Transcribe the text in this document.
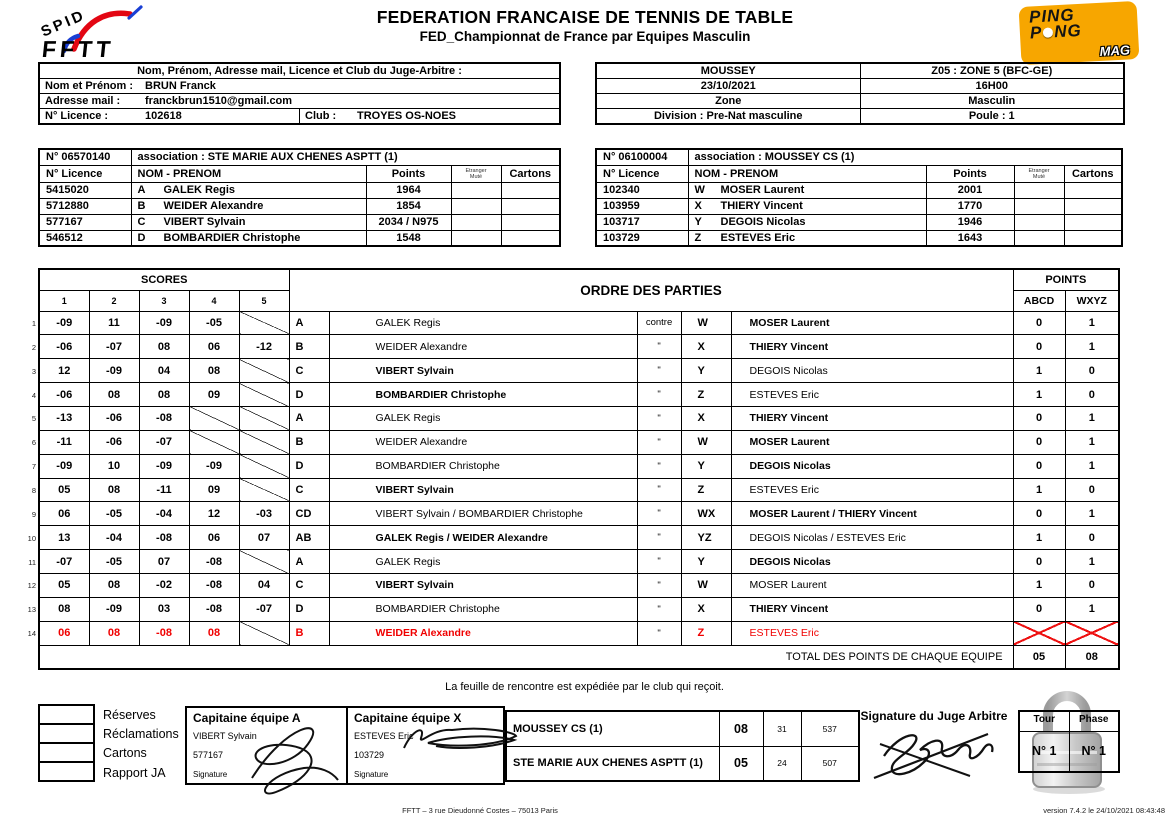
SPID
FFTT
FEDERATION FRANCAISE DE TENNIS DE TABLE
FED_Championnat de France par Equipes Masculin
PING
P NG
MAG
Nom, Prénom, Adresse mail, Licence et Club du Juge-Arbitre :
Nom et Prénom : BRUN Franck
Adresse mail : franckbrun1510@gmail.com
N° Licence :	102618	Club : TROYES OS-NOES
MOUSSEY	Z05 : ZONE 5 (BFC-GE)
23/10/2021	16H00
Zone	Masculin
Division : Pre-Nat masculine	Poule : 1
N° 06570140	association : STE MARIE AUX CHENES ASPTT (1)			
N° Licence	NOM - PRENOM	Points	Etranger
Muté	Cartons
5415020	A GALEK Regis	1964		
5712880	B WEIDER Alexandre	1854		
577167	C VIBERT Sylvain	2034 / N975		
546512	D BOMBARDIER Christophe	1548		
N° 06100004	association : MOUSSEY CS (1)			
N° Licence	NOM - PRENOM	Points	Etranger
Muté	Cartons
102340	W MOSER Laurent	2001		
103959	X THIERY Vincent	1770		
103717	Y DEGOIS Nicolas	1946		
103729	Z ESTEVES Eric	1643		
1
2
3
4
5
6
7
8
9
10
11
12
13
14
SCORES					ORDRE DES PARTIES					POINTS	
1	2	3	4	5						ABCD	WXYZ
-09	11	-09	-05		A	GALEK Regis	contre	W	MOSER Laurent	0	1
-06	-07	08	06	-12	B	WEIDER Alexandre	"	X	THIERY Vincent	0	1
12	-09	04	08		C	VIBERT Sylvain	"	Y	DEGOIS Nicolas	1	0
-06	08	08	09		D	BOMBARDIER Christophe	"	Z	ESTEVES Eric	1	0
-13	-06	-08			A	GALEK Regis	"	X	THIERY Vincent	0	1
-11	-06	-07			B	WEIDER Alexandre	"	W	MOSER Laurent	0	1
-09	10	-09	-09		D	BOMBARDIER Christophe	"	Y	DEGOIS Nicolas	0	1
05	08	-11	09		C	VIBERT Sylvain	"	Z	ESTEVES Eric	1	0
06	-05	-04	12	-03	CD	VIBERT Sylvain / BOMBARDIER Christophe	"	WX	MOSER Laurent / THIERY Vincent	0	1
13	-04	-08	06	07	AB	GALEK Regis / WEIDER Alexandre	"	YZ	DEGOIS Nicolas / ESTEVES Eric	1	0
-07	-05	07	-08		A	GALEK Regis	"	Y	DEGOIS Nicolas	0	1
05	08	-02	-08	04	C	VIBERT Sylvain	"	W	MOSER Laurent	1	0
08	-09	03	-08	-07	D	BOMBARDIER Christophe	"	X	THIERY Vincent	0	1
06	08	-08	08		B	WEIDER Alexandre	"	Z	ESTEVES Eric		
TOTAL DES POINTS DE CHAQUE EQUIPE										05	08
La feuille de rencontre est expédiée par le club qui reçoit.
Réserves
Réclamations
Cartons
Rapport JA
Capitaine équipe A
VIBERT Sylvain
577167
Signature
Capitaine équipe X
ESTEVES Eric
103729
Signature
MOUSSEY CS (1)	08	31	537
STE MARIE AUX CHENES ASPTT (1)	05	24	507
Signature du Juge Arbitre	Tour	Phase
N° 1	N° 1
FFTT – 3 rue Dieudonné Costes – 75013 Paris	version 7.4.2 le 24/10/2021 08:43:48
